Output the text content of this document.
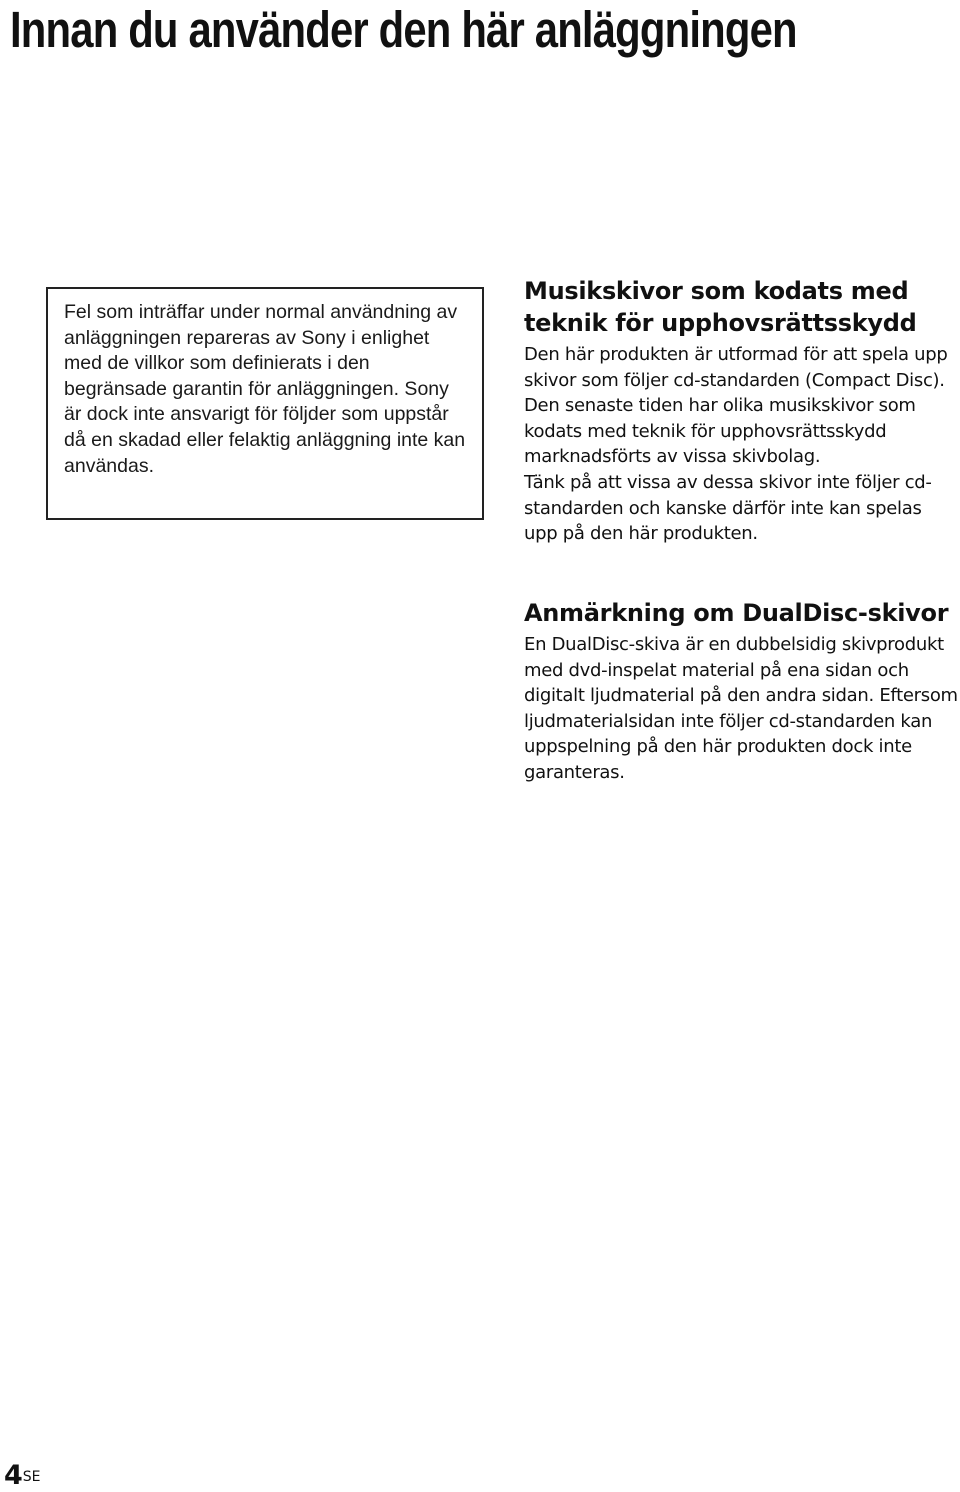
Innan du använder den här anläggningen

Fel som inträffar under normal användning av anläggningen repareras av Sony i enlighet med de villkor som definierats i den begränsade garantin för anläggningen. Sony är dock inte ansvarigt för följder som uppstår då en skadad eller felaktig anläggning inte kan användas.

Musikskivor som kodats med teknik för upphovsrättsskydd

Den här produkten är utformad för att spela upp skivor som följer cd-standarden (Compact Disc). Den senaste tiden har olika musikskivor som kodats med teknik för upphovsrättsskydd marknadsförts av vissa skivbolag.

Tänk på att vissa av dessa skivor inte följer cd-standarden och kanske därför inte kan spelas upp på den här produkten.

Anmärkning om DualDisc-skivor

En DualDisc-skiva är en dubbelsidig skivprodukt med dvd-inspelat material på ena sidan och digitalt ljudmaterial på den andra sidan. Eftersom ljudmaterialsidan inte följer cd-standarden kan uppspelning på den här produkten dock inte garanteras.

$4^{SE}$
